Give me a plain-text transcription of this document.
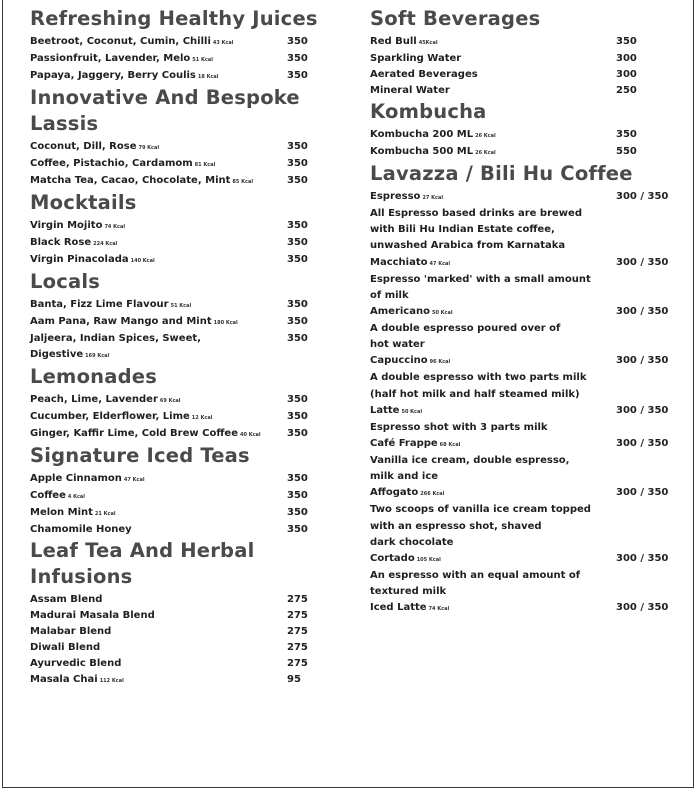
Refreshing Healthy Juices
Beetroot, Coconut, Cumin, Chilli 43 Kcal	350
Passionfruit, Lavender, Melo 51 Kcal	350
Papaya, Jaggery, Berry Coulis 18 Kcal	350
Innovative And Bespoke Lassis
Coconut, Dill, Rose 79 Kcal	350
Coffee, Pistachio, Cardamom 81 Kcal	350
Matcha Tea, Cacao, Chocolate, Mint 85 Kcal	350
Mocktails
Virgin Mojito 74 Kcal	350
Black Rose 224 Kcal	350
Virgin Pinacolada 140 Kcal	350
Locals
Banta, Fizz Lime Flavour 51 Kcal	350
Aam Pana, Raw Mango and Mint 180 Kcal	350
Jaljeera, Indian Spices, Sweet,	350
Digestive 169 Kcal
Lemonades
Peach, Lime, Lavender 69 Kcal	350
Cucumber, Elderflower, Lime 12 Kcal	350
Ginger, Kaffir Lime, Cold Brew Coffee 40 Kcal	350
Signature Iced Teas
Apple Cinnamon 47 Kcal	350
Coffee 4 Kcal	350
Melon Mint 21 Kcal	350
Chamomile Honey	350
Leaf Tea And Herbal Infusions
Assam Blend	275
Madurai Masala Blend	275
Malabar Blend	275
Diwali Blend	275
Ayurvedic Blend	275
Masala Chai 112 Kcal	95
Soft Beverages
Red Bull 45Kcal	350
Sparkling Water	300
Aerated Beverages	300
Mineral Water	250
Kombucha
Kombucha 200 ML 26 Kcal	350
Kombucha 500 ML 26 Kcal	550
Lavazza / Bili Hu Coffee
Espresso 27 Kcal	300 / 350
All Espresso based drinks are brewed
with Bili Hu Indian Estate coffee,
unwashed Arabica from Karnataka
Macchiato 47 Kcal	300 / 350
Espresso 'marked' with a small amount
of milk
Americano 50 Kcal	300 / 350
A double espresso poured over of
hot water
Capuccino 96 Kcal	300 / 350
A double espresso with two parts milk
(half hot milk and half steamed milk)
Latte 50 Kcal	300 / 350
Espresso shot with 3 parts milk
Café Frappe 68 Kcal	300 / 350
Vanilla ice cream, double espresso,
milk and ice
Affogato 266 Kcal	300 / 350
Two scoops of vanilla ice cream topped
with an espresso shot, shaved
dark chocolate
Cortado 105 Kcal	300 / 350
An espresso with an equal amount of
textured milk
Iced Latte 74 Kcal	300 / 350
